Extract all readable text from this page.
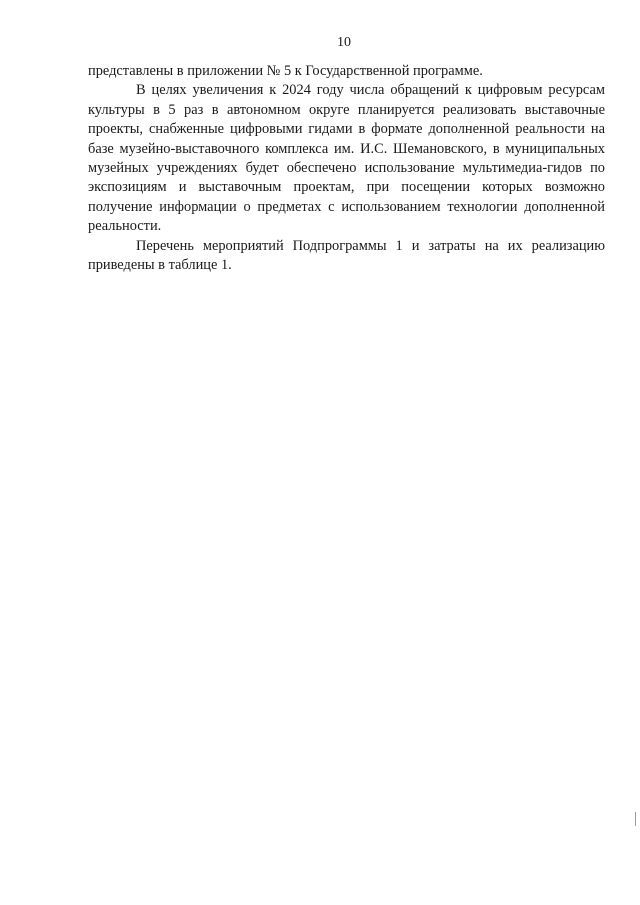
10

представлены в приложении № 5 к Государственной программе.

В целях увеличения к 2024 году числа обращений к цифровым ресурсам культуры в 5 раз в автономном округе планируется реализовать выставочные проекты, снабженные цифровыми гидами в формате дополненной реальности на базе музейно-выставочного комплекса им. И.С. Шемановского, в муниципальных музейных учреждениях будет обеспечено использование мультимедиа-гидов по экспозициям и выставочным проектам, при посещении которых возможно получение информации о предметах с использованием технологии дополненной реальности.

Перечень мероприятий Подпрограммы 1 и затраты на их реализацию приведены в таблице 1.
